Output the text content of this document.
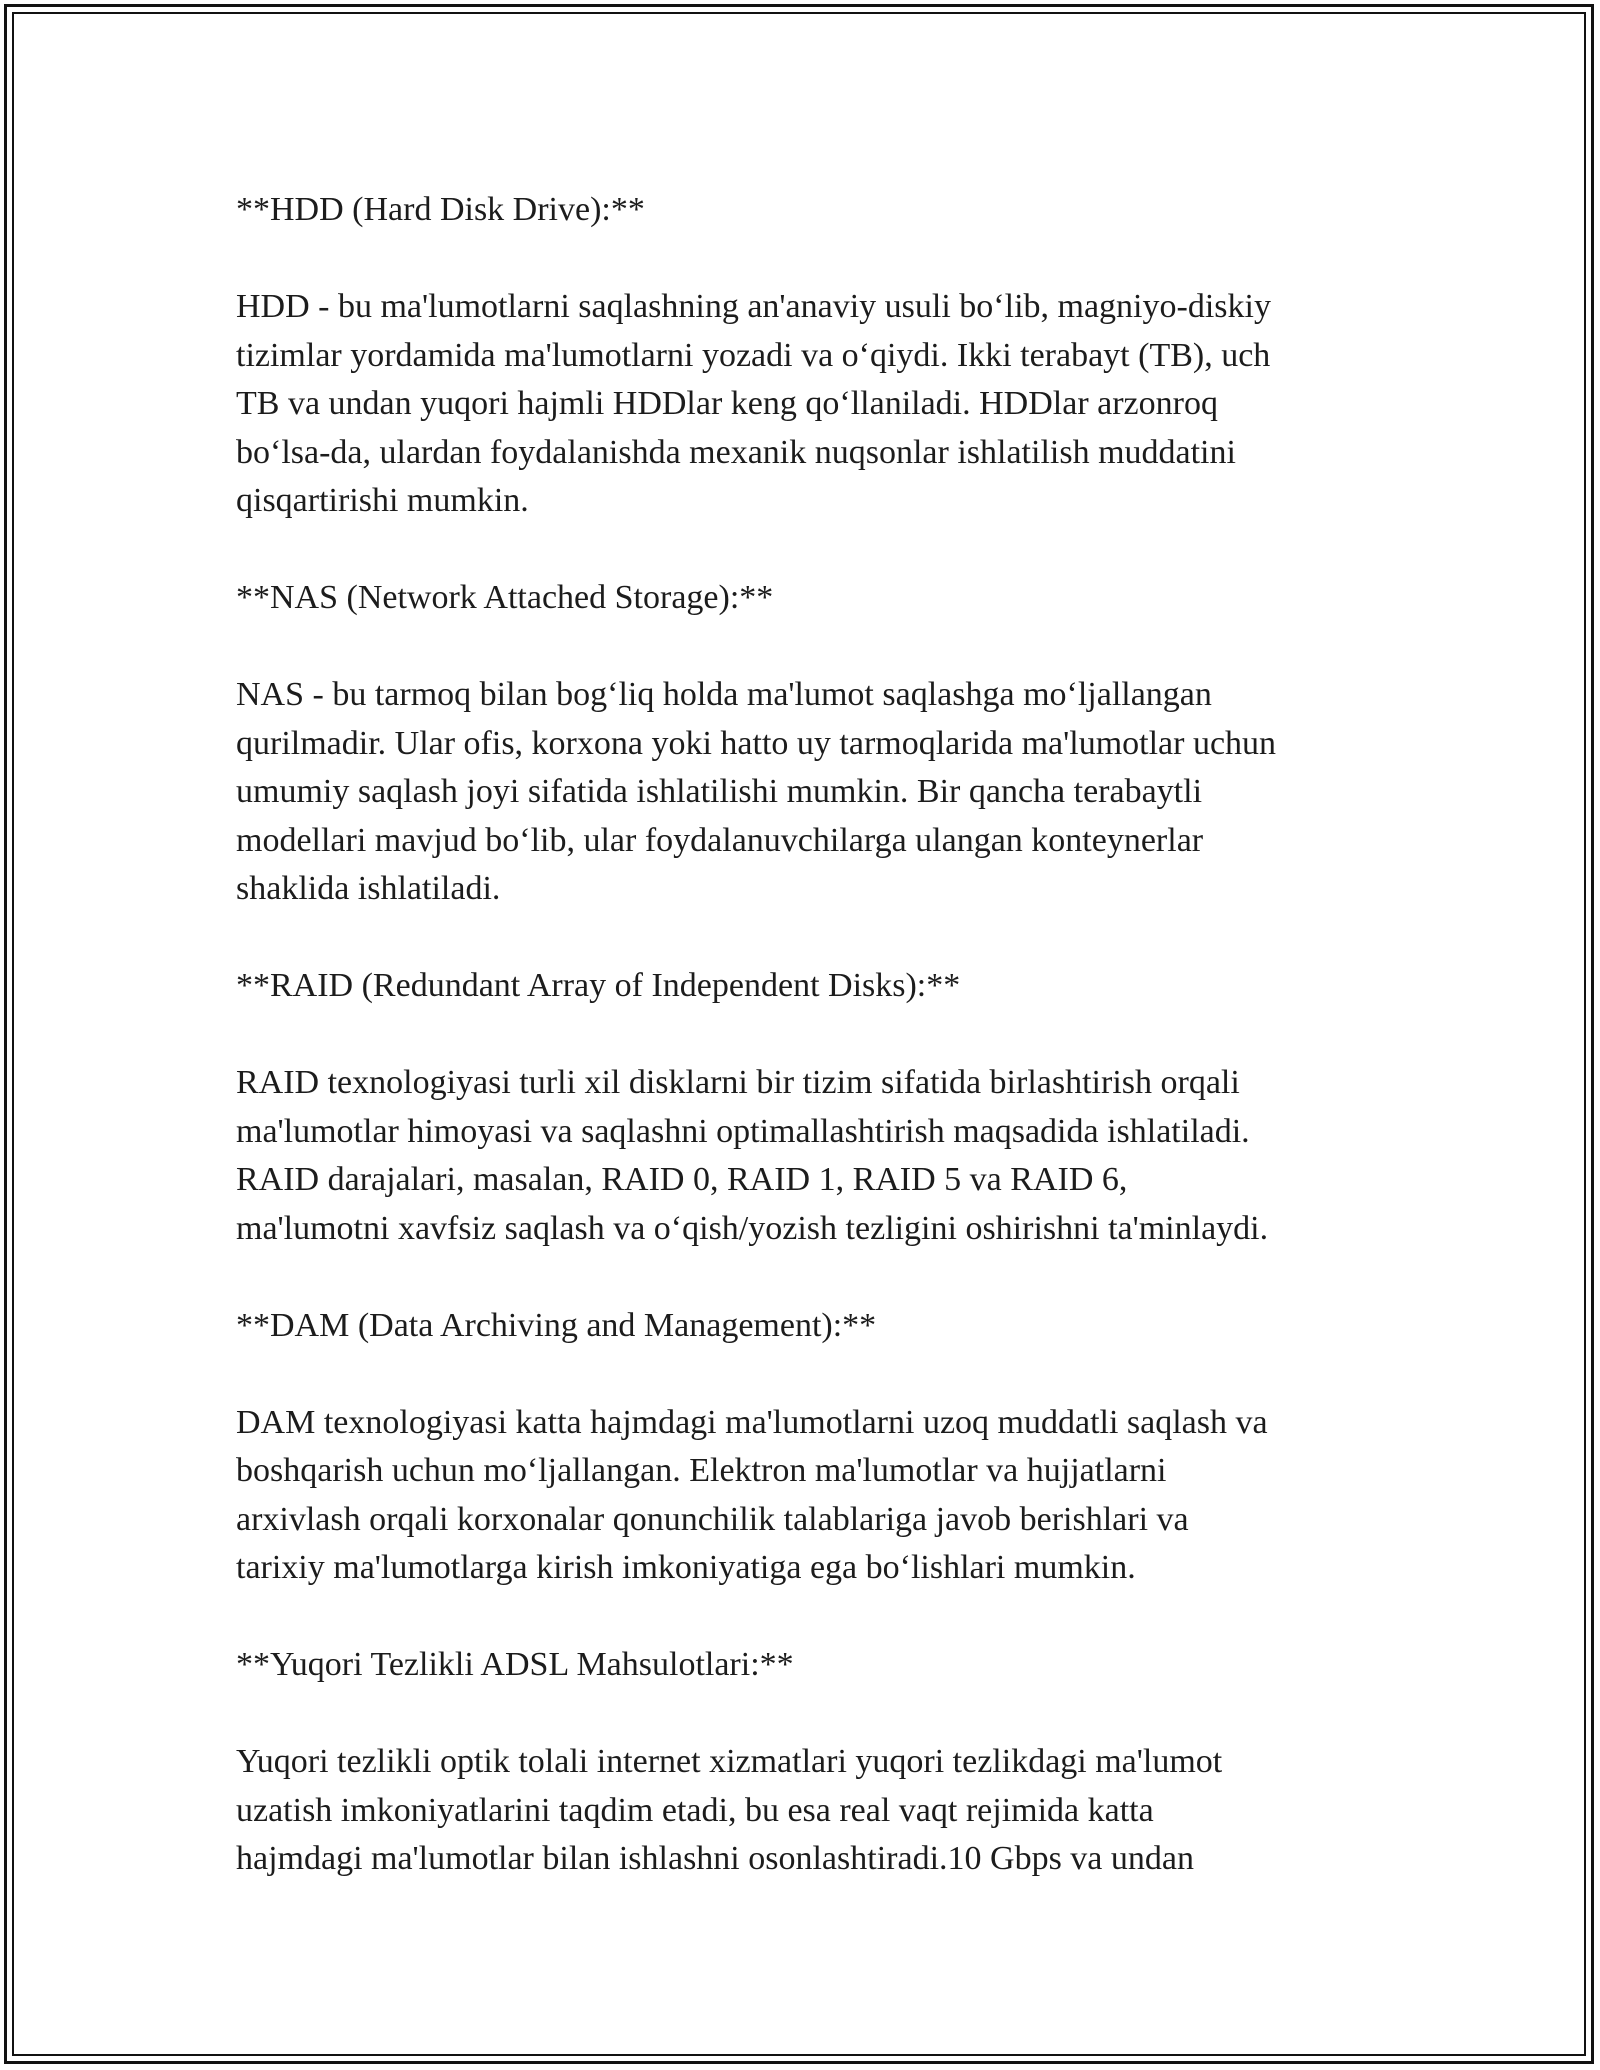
**HDD (Hard Disk Drive):**
HDD - bu ma'lumotlarni saqlashning an'anaviy usuli bo‘lib, magniyo-diskiy
tizimlar yordamida ma'lumotlarni yozadi va o‘qiydi. Ikki terabayt (TB), uch
TB va undan yuqori hajmli HDDlar keng qo‘llaniladi. HDDlar arzonroq
bo‘lsa-da, ulardan foydalanishda mexanik nuqsonlar ishlatilish muddatini
qisqartirishi mumkin.
**NAS (Network Attached Storage):**
NAS - bu tarmoq bilan bog‘liq holda ma'lumot saqlashga mo‘ljallangan
qurilmadir. Ular ofis, korxona yoki hatto uy tarmoqlarida ma'lumotlar uchun
umumiy saqlash joyi sifatida ishlatilishi mumkin. Bir qancha terabaytli
modellari mavjud bo‘lib, ular foydalanuvchilarga ulangan konteynerlar
shaklida ishlatiladi.
**RAID (Redundant Array of Independent Disks):**
RAID texnologiyasi turli xil disklarni bir tizim sifatida birlashtirish orqali
ma'lumotlar himoyasi va saqlashni optimallashtirish maqsadida ishlatiladi.
RAID darajalari, masalan, RAID 0, RAID 1, RAID 5 va RAID 6,
ma'lumotni xavfsiz saqlash va o‘qish/yozish tezligini oshirishni ta'minlaydi.
**DAM (Data Archiving and Management):**
DAM texnologiyasi katta hajmdagi ma'lumotlarni uzoq muddatli saqlash va
boshqarish uchun mo‘ljallangan. Elektron ma'lumotlar va hujjatlarni
arxivlash orqali korxonalar qonunchilik talablariga javob berishlari va
tarixiy ma'lumotlarga kirish imkoniyatiga ega bo‘lishlari mumkin.
**Yuqori Tezlikli ADSL Mahsulotlari:**
Yuqori tezlikli optik tolali internet xizmatlari yuqori tezlikdagi ma'lumot
uzatish imkoniyatlarini taqdim etadi, bu esa real vaqt rejimida katta
hajmdagi ma'lumotlar bilan ishlashni osonlashtiradi.10 Gbps va undan
